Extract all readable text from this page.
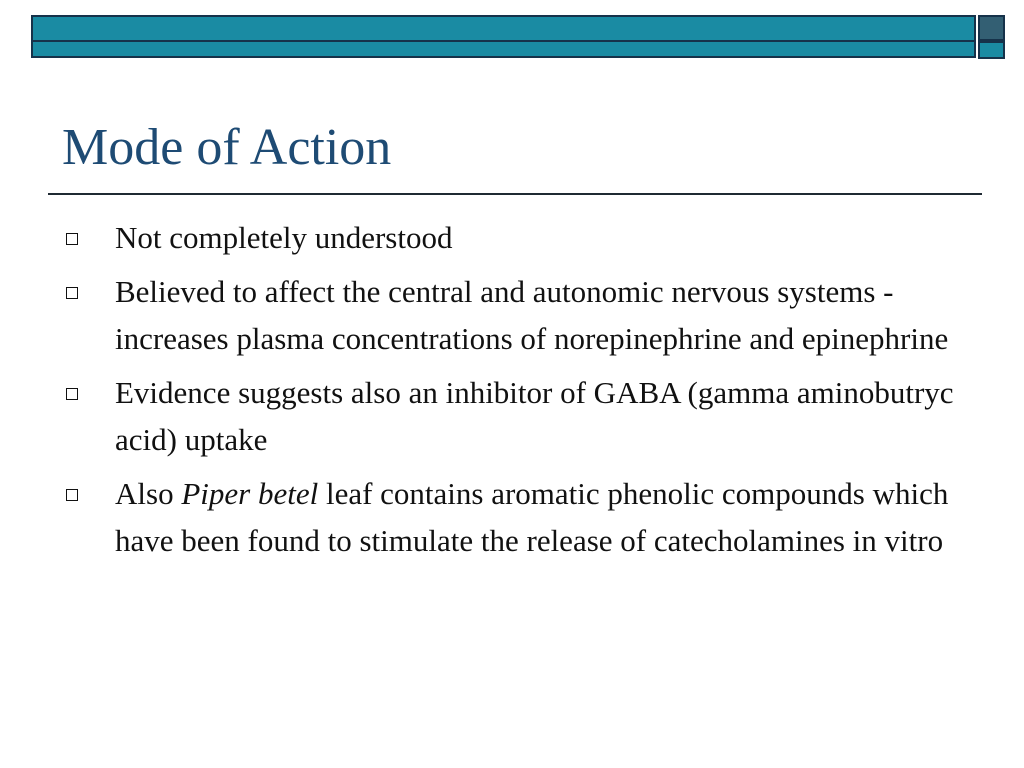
Mode of Action
Not completely understood
Believed to affect the central and autonomic nervous systems - increases plasma concentrations of norepinephrine and epinephrine
Evidence suggests also an inhibitor of GABA (gamma aminobutryc acid) uptake
Also Piper betel leaf contains aromatic phenolic compounds which have been found to stimulate the release of catecholamines in vitro
